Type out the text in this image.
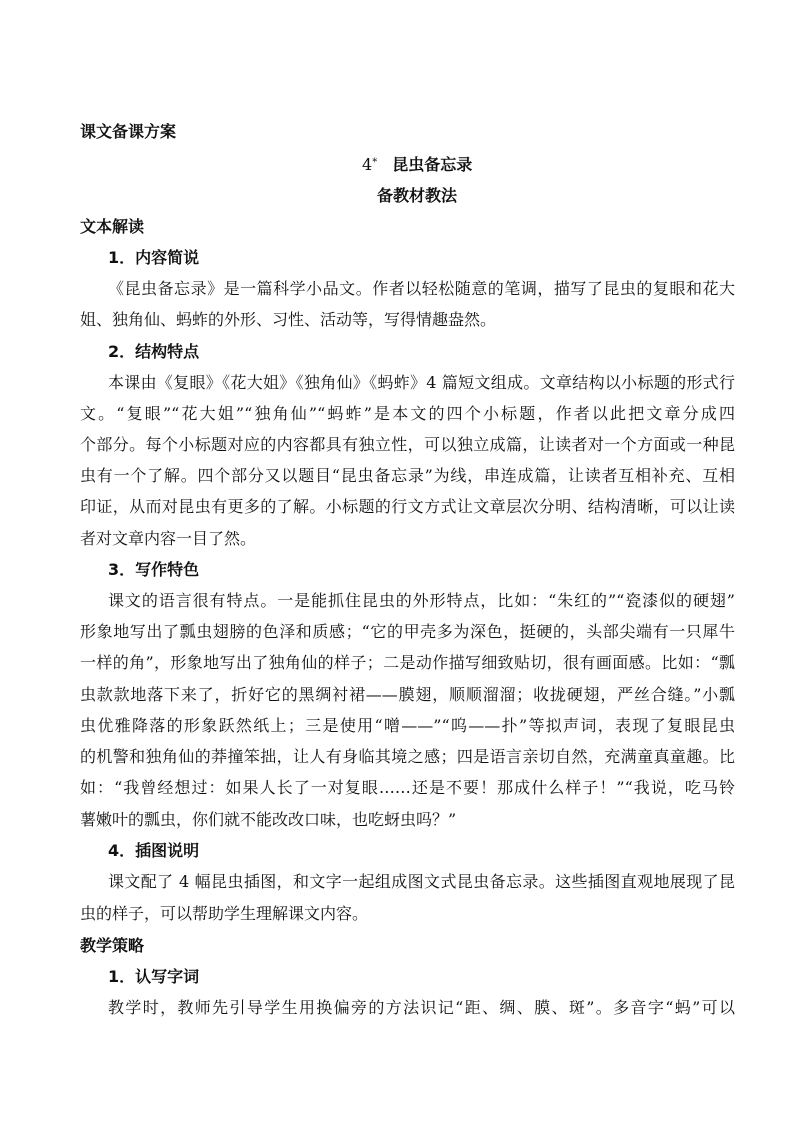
课文备课方案
4* 昆虫备忘录
备教材教法
文本解读
1．内容简说
《昆虫备忘录》是一篇科学小品文。作者以轻松随意的笔调，描写了昆虫的复眼和花大
姐、独角仙、蚂蚱的外形、习性、活动等，写得情趣盎然。
2．结构特点
本课由《复眼》《花大姐》《独角仙》《蚂蚱》4 篇短文组成。文章结构以小标题的形式行
文。“复眼”“花大姐”“独角仙”“蚂蚱”是本文的四个小标题，作者以此把文章分成四
个部分。每个小标题对应的内容都具有独立性，可以独立成篇，让读者对一个方面或一种昆
虫有一个了解。四个部分又以题目“昆虫备忘录”为线，串连成篇，让读者互相补充、互相
印证，从而对昆虫有更多的了解。小标题的行文方式让文章层次分明、结构清晰，可以让读
者对文章内容一目了然。
3．写作特色
课文的语言很有特点。一是能抓住昆虫的外形特点，比如：“朱红的”“瓷漆似的硬翅”
形象地写出了瓢虫翅膀的色泽和质感；“它的甲壳多为深色，挺硬的，头部尖端有一只犀牛
一样的角”，形象地写出了独角仙的样子；二是动作描写细致贴切，很有画面感。比如：“瓢
虫款款地落下来了，折好它的黑绸衬裙——膜翅，顺顺溜溜；收拢硬翅，严丝合缝。”小瓢
虫优雅降落的形象跃然纸上；三是使用“噌——”“呜——扑”等拟声词，表现了复眼昆虫
的机警和独角仙的莽撞笨拙，让人有身临其境之感；四是语言亲切自然，充满童真童趣。比
如：“我曾经想过：如果人长了一对复眼……还是不要！那成什么样子！”“我说，吃马铃
薯嫩叶的瓢虫，你们就不能改改口味，也吃蚜虫吗？”
4．插图说明
课文配了 4 幅昆虫插图，和文字一起组成图文式昆虫备忘录。这些插图直观地展现了昆
虫的样子，可以帮助学生理解课文内容。
教学策略
1．认写字词
教学时，教师先引导学生用换偏旁的方法识记“距、绸、膜、斑”。多音字“蚂”可以
